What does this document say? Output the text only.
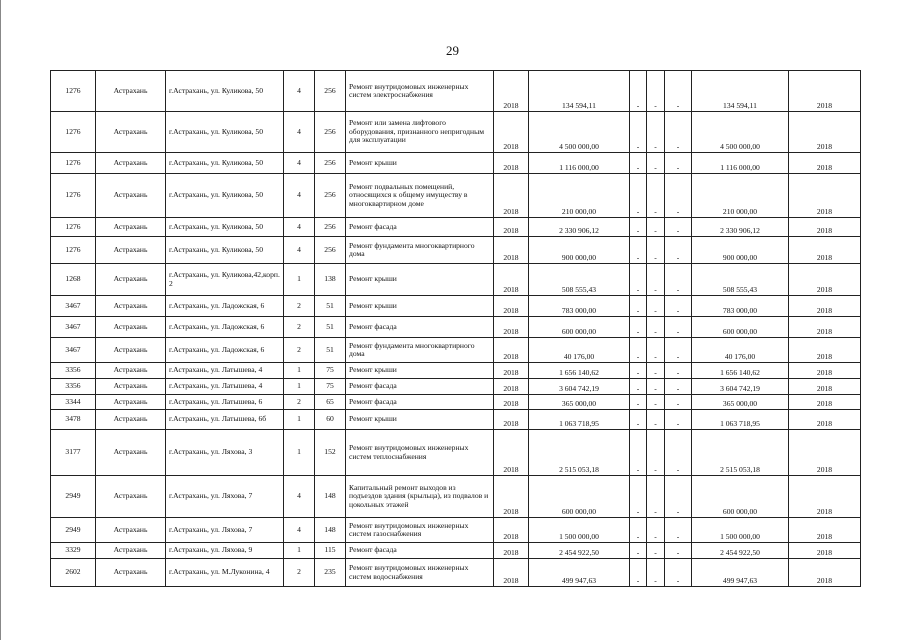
29
1276	Астрахань	г.Астрахань, ул. Куликова, 50	4	256	Ремонт внутридомовых инженерных систем электроснабжения	2018	134 594,11	-	-	-	134 594,11	2018
1276	Астрахань	г.Астрахань, ул. Куликова, 50	4	256	Ремонт или замена лифтового оборудования, признанного непригодным для эксплуатации	2018	4 500 000,00	-	-	-	4 500 000,00	2018
1276	Астрахань	г.Астрахань, ул. Куликова, 50	4	256	Ремонт крыши	2018	1 116 000,00	-	-	-	1 116 000,00	2018
1276	Астрахань	г.Астрахань, ул. Куликова, 50	4	256	Ремонт подвальных помещений, относящихся к общему имуществу в многоквартирном доме	2018	210 000,00	-	-	-	210 000,00	2018
1276	Астрахань	г.Астрахань, ул. Куликова, 50	4	256	Ремонт фасада	2018	2 330 906,12	-	-	-	2 330 906,12	2018
1276	Астрахань	г.Астрахань, ул. Куликова, 50	4	256	Ремонт фундамента многоквартирного дома	2018	900 000,00	-	-	-	900 000,00	2018
1268	Астрахань	г.Астрахань, ул. Куликова,42,корп. 2	1	138	Ремонт крыши	2018	508 555,43	-	-	-	508 555,43	2018
3467	Астрахань	г.Астрахань, ул. Ладожская, 6	2	51	Ремонт крыши	2018	783 000,00	-	-	-	783 000,00	2018
3467	Астрахань	г.Астрахань, ул. Ладожская, 6	2	51	Ремонт фасада	2018	600 000,00	-	-	-	600 000,00	2018
3467	Астрахань	г.Астрахань, ул. Ладожская, 6	2	51	Ремонт фундамента многоквартирного дома	2018	40 176,00	-	-	-	40 176,00	2018
3356	Астрахань	г.Астрахань, ул. Латышева, 4	1	75	Ремонт крыши	2018	1 656 140,62	-	-	-	1 656 140,62	2018
3356	Астрахань	г.Астрахань, ул. Латышева, 4	1	75	Ремонт фасада	2018	3 604 742,19	-	-	-	3 604 742,19	2018
3344	Астрахань	г.Астрахань, ул. Латышева, 6	2	65	Ремонт фасада	2018	365 000,00	-	-	-	365 000,00	2018
3478	Астрахань	г.Астрахань, ул. Латышева, 6б	1	60	Ремонт крыши	2018	1 063 718,95	-	-	-	1 063 718,95	2018
3177	Астрахань	г.Астрахань, ул. Ляхова, 3	1	152	Ремонт внутридомовых инженерных систем теплоснабжения	2018	2 515 053,18	-	-	-	2 515 053,18	2018
2949	Астрахань	г.Астрахань, ул. Ляхова, 7	4	148	Капитальный ремонт выходов из подъездов здания (крыльца), из подвалов и цокольных этажей	2018	600 000,00	-	-	-	600 000,00	2018
2949	Астрахань	г.Астрахань, ул. Ляхова, 7	4	148	Ремонт внутридомовых инженерных систем газоснабжения	2018	1 500 000,00	-	-	-	1 500 000,00	2018
3329	Астрахань	г.Астрахань, ул. Ляхова, 9	1	115	Ремонт фасада	2018	2 454 922,50	-	-	-	2 454 922,50	2018
2602	Астрахань	г.Астрахань, ул. М.Луконина, 4	2	235	Ремонт внутридомовых инженерных систем водоснабжения	2018	499 947,63	-	-	-	499 947,63	2018
